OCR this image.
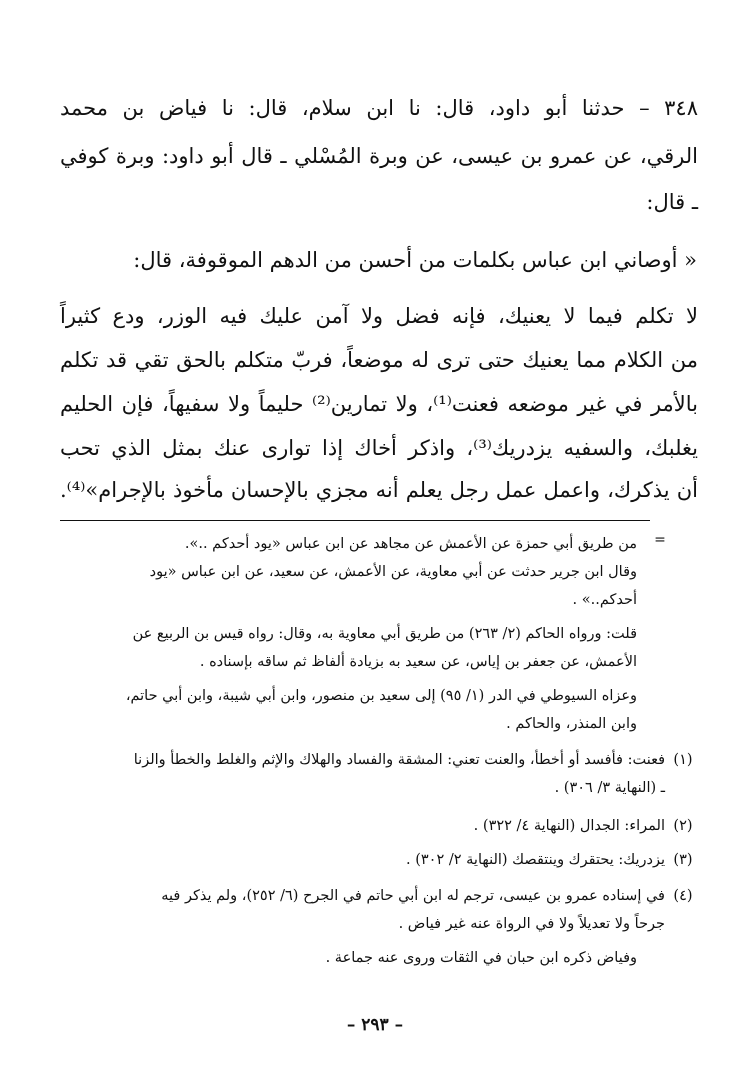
٣٤٨ – حدثنا أبو داود، قال: نا ابن سلام، قال: نا فياض بن محمد
الرقي، عن عمرو بن عيسى، عن وبرة المُسْلي ـ قال أبو داود: وبرة كوفي
ـ قال:
« أوصاني ابن عباس بكلمات من أحسن من الدهم الموقوفة، قال:
لا تكلم فيما لا يعنيك، فإنه فضل ولا آمن عليك فيه الوزر، ودع كثيراً
من الكلام مما يعنيك حتى ترى له موضعاً، فربّ متكلم بالحق تقي قد تكلم
بالأمر في غير موضعه فعنت⁽¹⁾، ولا تمارين⁽²⁾ حليماً ولا سفيهاً، فإن الحليم
يغلبك، والسفيه يزدريك⁽³⁾، واذكر أخاك إذا توارى عنك بمثل الذي تحب
أن يذكرك، واعمل عمل رجل يعلم أنه مجزي بالإحسان مأخوذ بالإجرام»⁽⁴⁾.
=
من طريق أبي حمزة عن الأعمش عن مجاهد عن ابن عباس «يود أحدكم ..».
وقال ابن جرير حدثت عن أبي معاوية، عن الأعمش، عن سعيد، عن ابن عباس «يود
أحدكم..» .
قلت: ورواه الحاكم (٢/ ٢٦٣) من طريق أبي معاوية به، وقال: رواه قيس بن الربيع عن
الأعمش، عن جعفر بن إياس، عن سعيد به بزيادة ألفاظ ثم ساقه بإسناده .
وعزاه السيوطي في الدر (١/ ٩٥) إلى سعيد بن منصور، وابن أبي شيبة، وابن أبي حاتم،
وابن المنذر، والحاكم .
(١)
فعنت: فأفسد أو أخطأ، والعنت تعني: المشقة والفساد والهلاك والإثم والغلط والخطأ والزنا
ـ (النهاية ٣/ ٣٠٦) .
(٢)
المراء: الجدال (النهاية ٤/ ٣٢٢) .
(٣)
يزدريك: يحتقرك وينتقصك (النهاية ٢/ ٣٠٢) .
(٤)
في إسناده عمرو بن عيسى، ترجم له ابن أبي حاتم في الجرح (٦/ ٢٥٢)، ولم يذكر فيه
جرحاً ولا تعديلاً ولا في الرواة عنه غير فياض .
وفياض ذكره ابن حبان في الثقات وروى عنه جماعة .
– ٢٩٣ –
